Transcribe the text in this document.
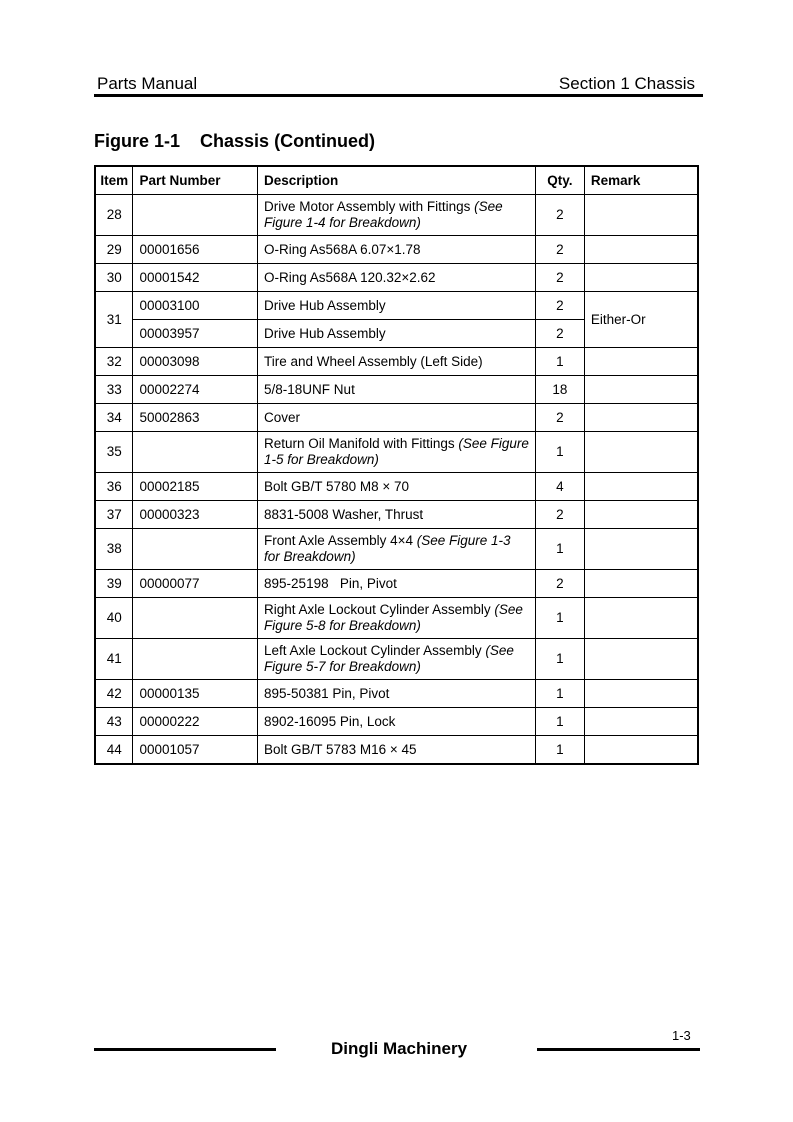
Parts Manual	Section 1 Chassis
Figure 1-1 Chassis (Continued)
Item	Part Number	Description	Qty.	Remark
28		Drive Motor Assembly with Fittings (See Figure 1-4 for Breakdown)	2	
29	00001656	O-Ring As568A 6.07×1.78	2	
30	00001542	O-Ring As568A 120.32×2.62	2	
31	00003100	Drive Hub Assembly	2	Either-Or
	00003957	Drive Hub Assembly	2	
32	00003098	Tire and Wheel Assembly (Left Side)	1	
33	00002274	5/8-18UNF Nut	18	
34	50002863	Cover	2	
35		Return Oil Manifold with Fittings (See Figure 1-5 for Breakdown)	1	
36	00002185	Bolt GB/T 5780 M8 × 70	4	
37	00000323	8831-5008 Washer, Thrust	2	
38		Front Axle Assembly 4×4 (See Figure 1-3 for Breakdown)	1	
39	00000077	895-25198   Pin, Pivot	2	
40		Right Axle Lockout Cylinder Assembly (See Figure 5-8 for Breakdown)	1	
41		Left Axle Lockout Cylinder Assembly (See Figure 5-7 for Breakdown)	1	
42	00000135	895-50381 Pin, Pivot	1	
43	00000222	8902-16095 Pin, Lock	1	
44	00001057	Bolt GB/T 5783 M16 × 45	1	
1-3
Dingli Machinery
